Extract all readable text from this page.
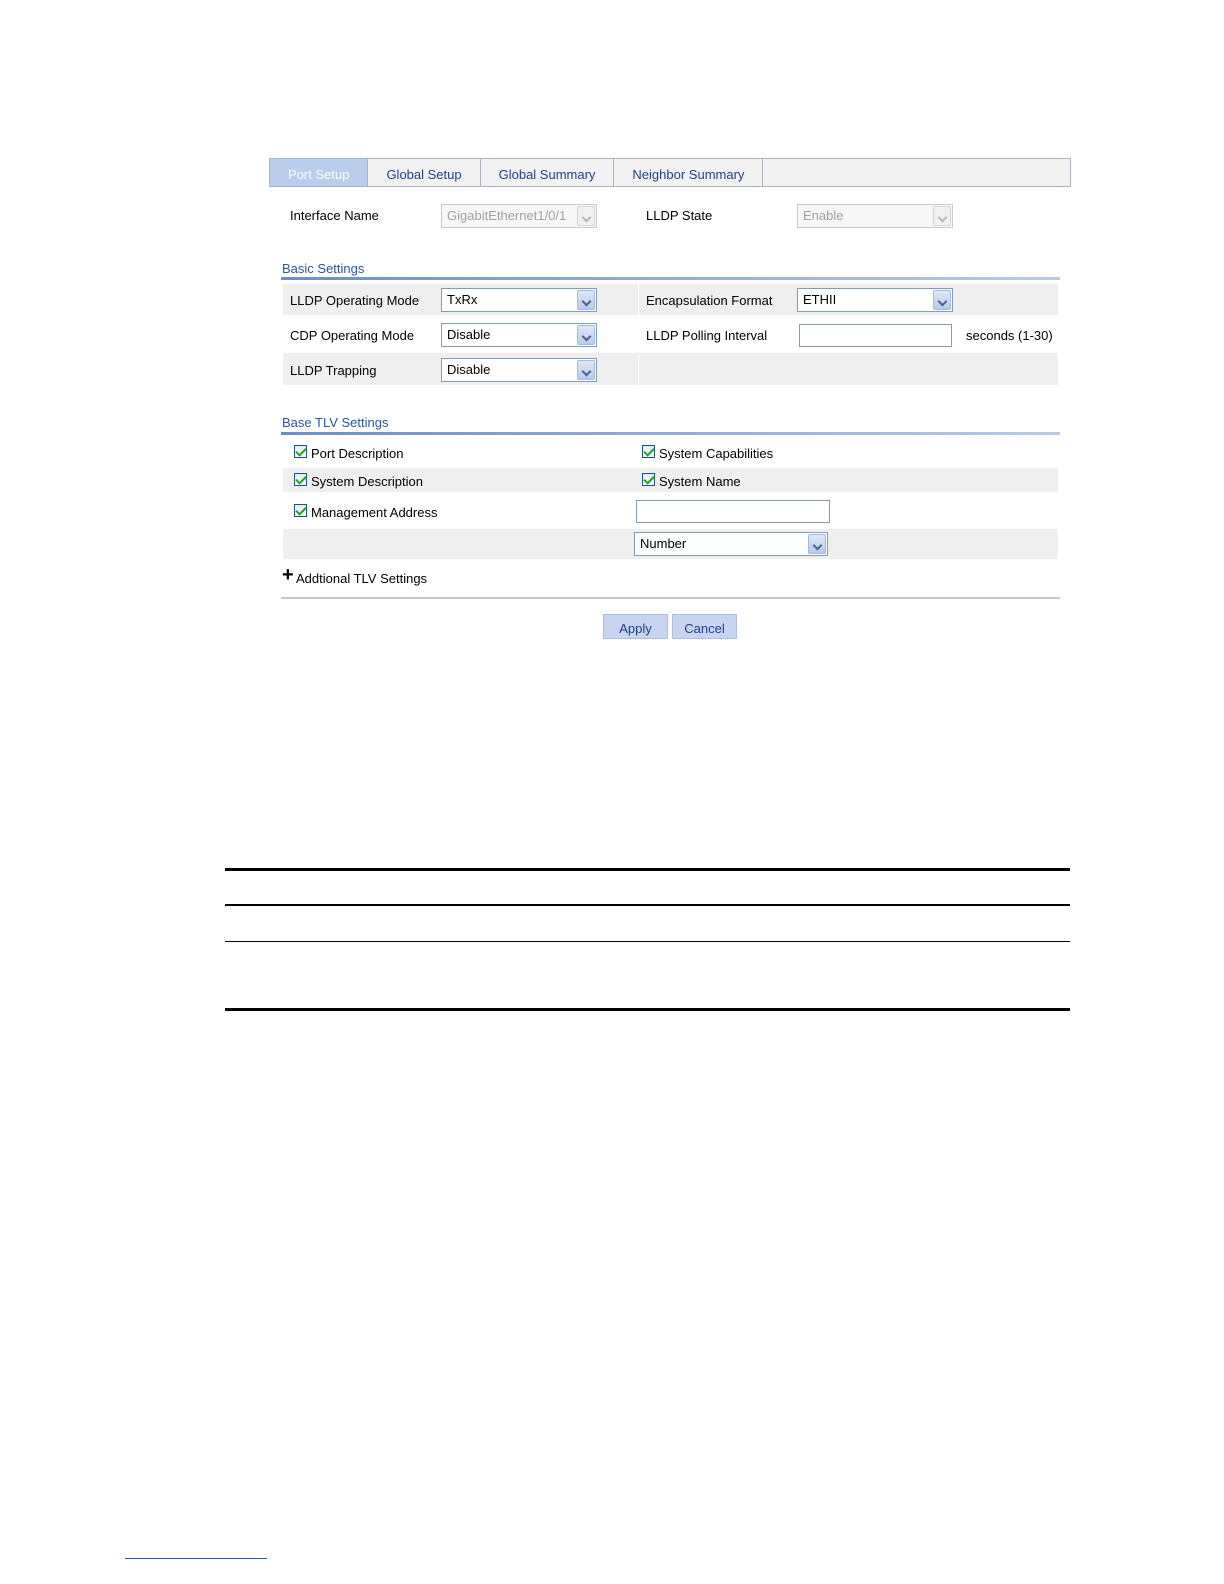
Port Setup	Global Setup	Global Summary	Neighbor Summary
Interface Name	GigabitEthernet1/0/1	LLDP State	Enable
Basic Settings
LLDP Operating Mode	TxRx	Encapsulation Format	ETHII
CDP Operating Mode	Disable	LLDP Polling Interval	seconds (1-30)
LLDP Trapping	Disable
Base TLV Settings
Port Description	System Capabilities
System Description	System Name
Management Address
Number
+ Addtional TLV Settings
Apply	Cancel
